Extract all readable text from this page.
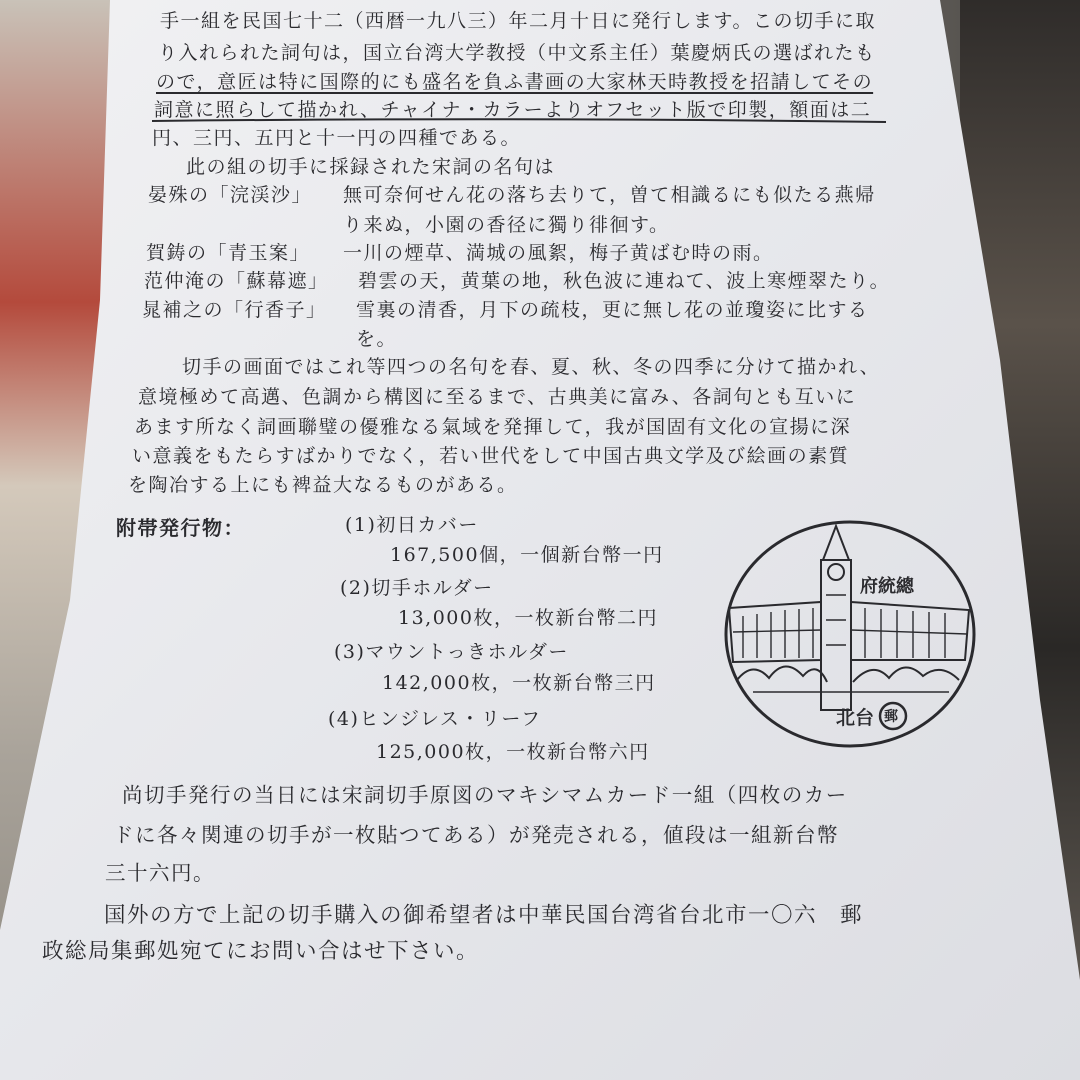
手一組を民国七十二（西暦一九八三）年二月十日に発行します。この切手に取
り入れられた詞句は，国立台湾大学教授（中文系主任）葉慶炳氏の選ばれたも
ので，意匠は特に国際的にも盛名を負ふ書画の大家林天時教授を招請してその
詞意に照らして描かれ、チャイナ・カラーよりオフセット版で印製，額面は二
円、三円、五円と十一円の四種である。
此の組の切手に採録された宋詞の名句は
晏殊の「浣渓沙」 無可奈何せん花の落ち去りて，曽て相識るにも似たる燕帰
り来ぬ，小園の香径に獨り徘徊す。
賀鋳の「青玉案」 一川の煙草、満城の風絮，梅子黄ばむ時の雨。
范仲淹の「蘇幕遮」 碧雲の天，黄葉の地，秋色波に連ねて、波上寒煙翠たり。
晁補之の「行香子」 雪裏の清香，月下の疏枝，更に無し花の並瓊姿に比する
を。
切手の画面ではこれ等四つの名句を春、夏、秋、冬の四季に分けて描かれ、
意境極めて高邁、色調から構図に至るまで、古典美に富み、各詞句とも互いに
あます所なく詞画聯璧の優雅なる氣域を発揮して，我が国固有文化の宣揚に深
い意義をもたらすばかりでなく，若い世代をして中国古典文学及び絵画の素質
を陶冶する上にも裨益大なるものがある。
附帯発行物：	(1)初日カバー
167,500個，一個新台幣一円
(2)切手ホルダー
13,000枚，一枚新台幣二円
(3)マウントっきホルダー
142,000枚，一枚新台幣三円
(4)ヒンジレス・リーフ
125,000枚，一枚新台幣六円
尚切手発行の当日には宋詞切手原図のマキシマムカード一組（四枚のカー
ドに各々関連の切手が一枚貼つてある）が発売される，値段は一組新台幣
三十六円。
国外の方で上記の切手購入の御希望者は中華民国台湾省台北市一〇六　郵
政総局集郵処宛てにお問い合はせ下さい。
府統總
北台 郵
